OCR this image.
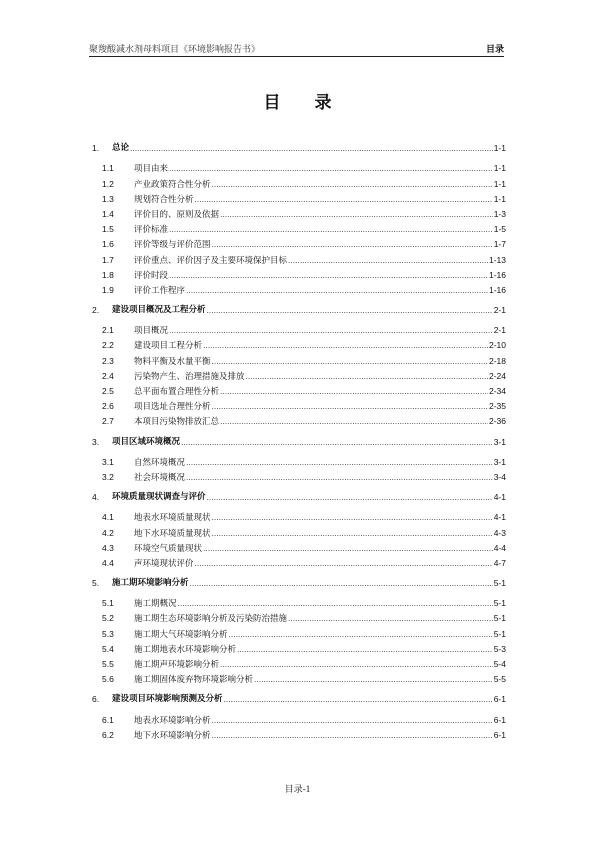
聚羧酸减水剂母料项目《环境影响报告书》	目录
目 录
1.	总论 .....	1-1
1.1	项目由来 .....	1-1
1.2	产业政策符合性分析 .....	1-1
1.3	规划符合性分析 .....	1-1
1.4	评价目的、原则及依据 .....	1-3
1.5	评价标准 .....	1-5
1.6	评价等级与评价范围 .....	1-7
1.7	评价重点、评价因子及主要环境保护目标 .....	1-13
1.8	评价时段 .....	1-16
1.9	评价工作程序 .....	1-16
2.	建设项目概况及工程分析 .....	2-1
2.1	项目概况 .....	2-1
2.2	建设项目工程分析 .....	2-10
2.3	物料平衡及水量平衡 .....	2-18
2.4	污染物产生、治理措施及排放 .....	2-24
2.5	总平面布置合理性分析 .....	2-34
2.6	项目选址合理性分析 .....	2-35
2.7	本项目污染物排放汇总 .....	2-36
3.	项目区域环境概况 .....	3-1
3.1	自然环境概况 .....	3-1
3.2	社会环境概况 .....	3-4
4.	环境质量现状调查与评价 .....	4-1
4.1	地表水环境质量现状 .....	4-1
4.2	地下水环境质量现状 .....	4-3
4.3	环境空气质量现状 .....	4-4
4.4	声环境现状评价 .....	4-7
5.	施工期环境影响分析 .....	5-1
5.1	施工期概况 .....	5-1
5.2	施工期生态环境影响分析及污染防治措施 .....	5-1
5.3	施工期大气环境影响分析 .....	5-1
5.4	施工期地表水环境影响分析 .....	5-3
5.5	施工期声环境影响分析 .....	5-4
5.6	施工期固体废弃物环境影响分析 .....	5-5
6.	建设项目环境影响预测及分析 .....	6-1
6.1	地表水环境影响分析 .....	6-1
6.2	地下水环境影响分析 .....	6-1
目录-1
